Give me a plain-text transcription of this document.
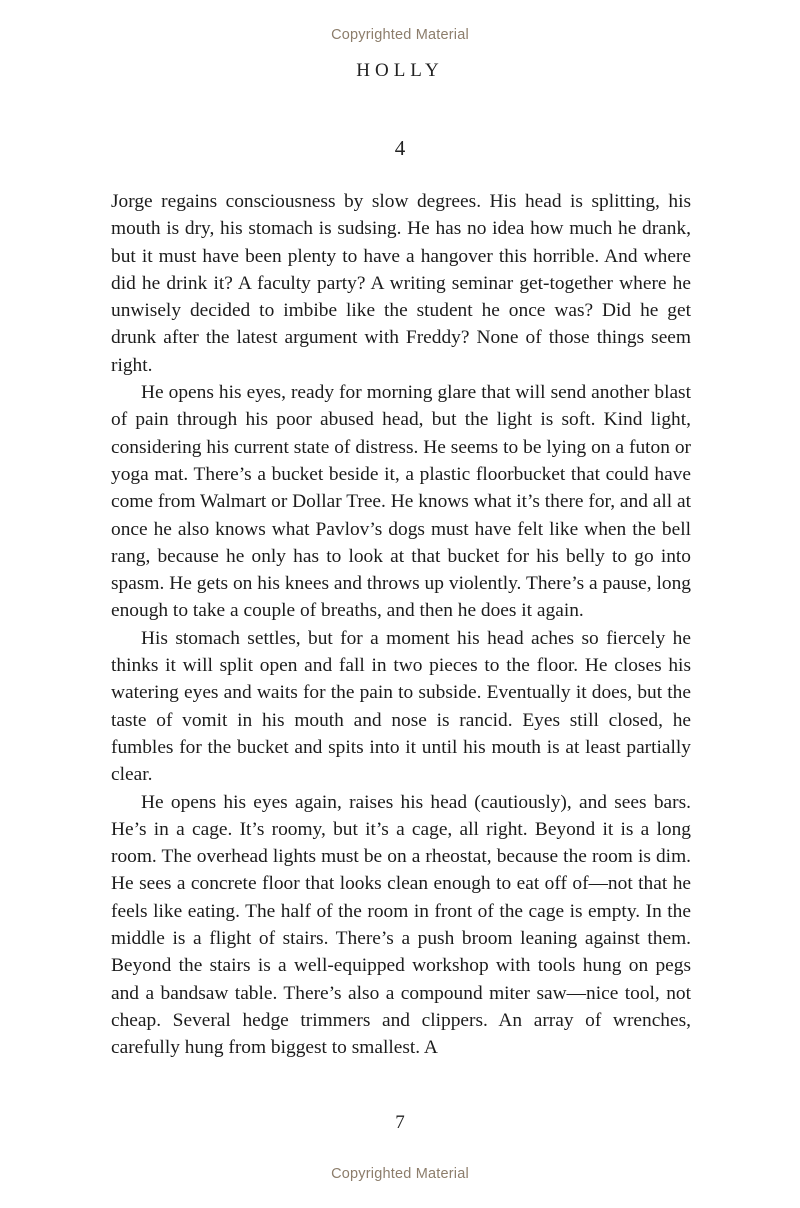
Copyrighted Material
HOLLY
4

Jorge regains consciousness by slow degrees. His head is splitting, his mouth is dry, his stomach is sudsing. He has no idea how much he drank, but it must have been plenty to have a hangover this horrible. And where did he drink it? A faculty party? A writing seminar get-together where he unwisely decided to imbibe like the student he once was? Did he get drunk after the latest argument with Freddy? None of those things seem right.

He opens his eyes, ready for morning glare that will send another blast of pain through his poor abused head, but the light is soft. Kind light, considering his current state of distress. He seems to be lying on a futon or yoga mat. There’s a bucket beside it, a plastic floorbucket that could have come from Walmart or Dollar Tree. He knows what it’s there for, and all at once he also knows what Pavlov’s dogs must have felt like when the bell rang, because he only has to look at that bucket for his belly to go into spasm. He gets on his knees and throws up violently. There’s a pause, long enough to take a couple of breaths, and then he does it again.

His stomach settles, but for a moment his head aches so fiercely he thinks it will split open and fall in two pieces to the floor. He closes his watering eyes and waits for the pain to subside. Eventually it does, but the taste of vomit in his mouth and nose is rancid. Eyes still closed, he fumbles for the bucket and spits into it until his mouth is at least partially clear.

He opens his eyes again, raises his head (cautiously), and sees bars. He’s in a cage. It’s roomy, but it’s a cage, all right. Beyond it is a long room. The overhead lights must be on a rheostat, because the room is dim. He sees a concrete floor that looks clean enough to eat off of—not that he feels like eating. The half of the room in front of the cage is empty. In the middle is a flight of stairs. There’s a push broom leaning against them. Beyond the stairs is a well-equipped workshop with tools hung on pegs and a bandsaw table. There’s also a compound miter saw—nice tool, not cheap. Several hedge trimmers and clippers. An array of wrenches, carefully hung from biggest to smallest. A

7
Copyrighted Material
